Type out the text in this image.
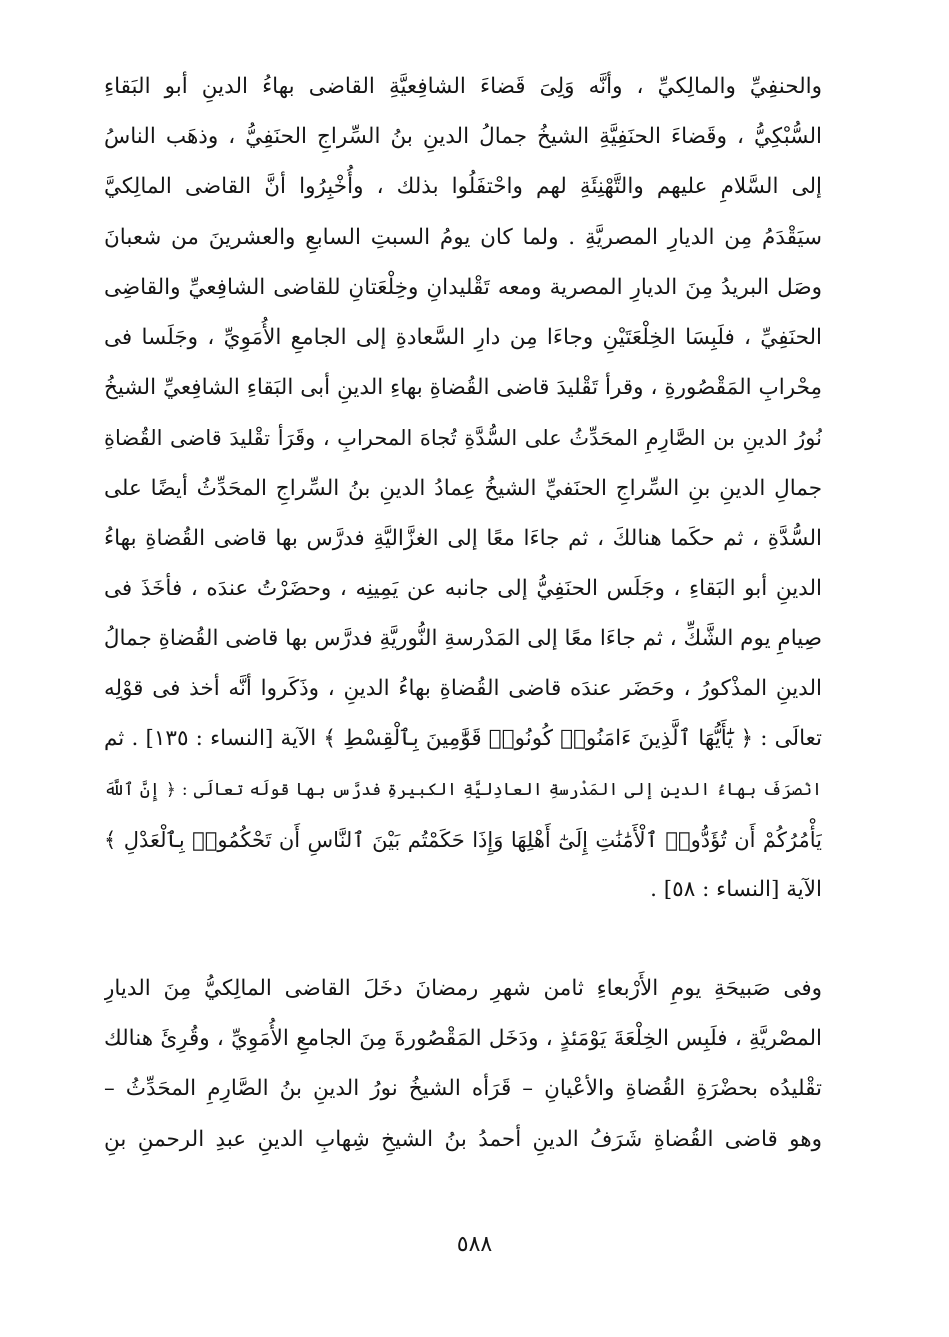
والحنفِيِّ والمالِكيِّ ، وأنَّه وَلِىَ قَضاءَ الشافِعيَّةِ القاضى بهاءُ الدينِ أبو البَقاءِ
السُّبْكِيُّ ، وقَضاءَ الحنَفِيَّةِ الشيخُ جمالُ الدينِ بنُ السِّراجِ الحنَفِيُّ ، وذهَب الناسُ
إلى السَّلامِ عليهم والتَّهْنِئَةِ لهم واحْتفَلُوا بذلك ، وأُخْبِرُوا أنَّ القاضى المالِكيَّ
سيَقْدَمُ مِن الديارِ المصريَّةِ . ولما كان يومُ السبتِ السابعِ والعشرينَ من شعبانَ
وصَل البريدُ مِنَ الديارِ المصرية ومعه تَقْليدانِ وخِلْعَتانِ للقاضى الشافِعيِّ والقاضِى
الحنَفِيِّ ، فلَبِسَا الخِلْعَتَيْنِ وجاءَا مِن دارِ السَّعادةِ إلى الجامعِ الأُمَوِيِّ ، وجَلَسا فى
مِحْرابِ المَقْصُورةِ ، وقرأ تَقْليدَ قاضى القُضاةِ بهاءِ الدينِ أبى البَقاءِ الشافِعيِّ الشيخُ
نُورُ الدينِ بن الصَّارِمِ المحَدِّثُ على السُّدَّةِ تُجاهَ المحرابِ ، وقَرَأ تقْليدَ قاضى القُضاةِ
جمالِ الدينِ بنِ السِّراجِ الحنَفيِّ الشيخُ عِمادُ الدينِ بنُ السِّراجِ المحَدِّثُ أيضًا على
السُّدَّةِ ، ثم حكَما هنالكَ ، ثم جاءَا معًا إلى الغزَّاليَّةِ فدرَّس بها قاضى القُضاةِ بهاءُ
الدينِ أبو البَقاءِ ، وجَلَس الحنَفِيُّ إلى جانبه عن يَمِينِه ، وحضَرْتُ عندَه ، فأخَذَ فى
صِيامِ يوم الشَّكِّ ، ثم جاءَا معًا إلى المَدْرسةِ النُّوريَّةِ فدرَّس بها قاضى القُضاةِ جمالُ
الدينِ المذْكورُ ، وحَضَر عندَه قاضى القُضاةِ بهاءُ الدينِ ، وذَكَروا أنَّه أخذ فى قوْلِه
تعالَى : ﴿ يَٰٓأَيُّهَا ٱلَّذِينَ ءَامَنُوا۟ كُونُوا۟ قَوَّٰمِينَ بِٱلْقِسْطِ ﴾ الآية [النساء : ١٣٥] . ثم
انْصرَفَ بهاءُ الدينِ إلى المَدْرسةِ العادِليَّةِ الكبيرةِ فدرَّس بها قولَه تعالَى : ﴿ إِنَّ ٱللَّهَ
يَأْمُرُكُمْ أَن تُؤَدُّوا۟ ٱلْأَمَٰنَٰتِ إِلَىٰٓ أَهْلِهَا وَإِذَا حَكَمْتُم بَيْنَ ٱلنَّاسِ أَن تَحْكُمُوا۟ بِٱلْعَدْلِ ﴾
الآية [النساء : ٥٨] .
وفى صَبيحَةِ يومِ الأَرْبعاءِ ثامن شهرِ رمضانَ دخَلَ القاضى المالِكيُّ مِنَ الديارِ
المصْريَّةِ ، فلَبِس الخِلْعَةَ يَوْمَئذٍ ، ودَخَل المَقْصُورةَ مِنَ الجامعِ الأُمَوِيِّ ، وقُرِئَ هنالك
تقْليدُه بحضْرَةِ القُضاةِ والأعْيانِ – قَرَأه الشيخُ نورُ الدينِ بنُ الصَّارِمِ المحَدِّثُ –
وهو قاضى القُضاةِ شَرَفُ الدينِ أحمدُ بنُ الشيخِ شِهابِ الدينِ عبدِ الرحمنِ بنِ
٥٨٨
